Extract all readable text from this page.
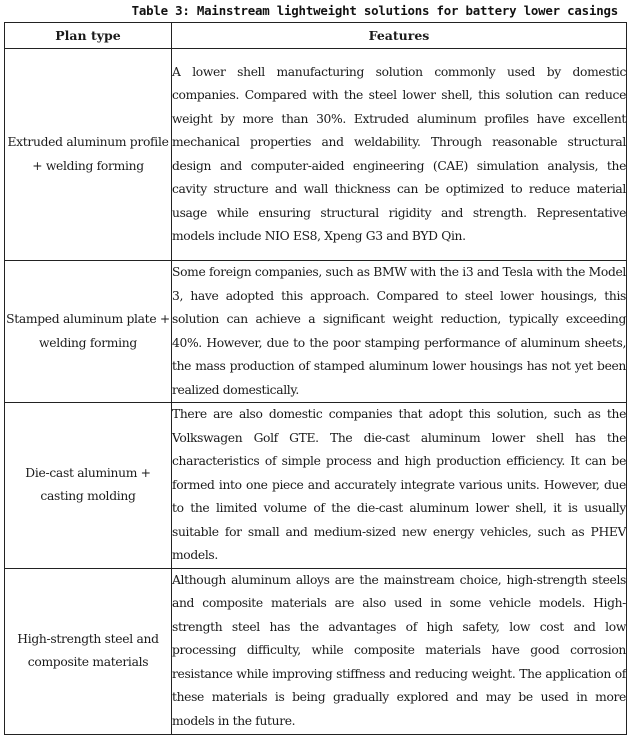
Table 3: Mainstream lightweight solutions for battery lower casings
Plan type	Features
Extruded aluminum profile + welding forming	A lower shell manufacturing solution commonly used by domestic companies. Compared with the steel lower shell, this solution can reduce weight by more than 30%. Extruded aluminum profiles have excellent mechanical properties and weldability. Through reasonable structural design and computer-aided engineering (CAE) simulation analysis, the cavity structure and wall thickness can be optimized to reduce material usage while ensuring structural rigidity and strength. Representative models include NIO ES8, Xpeng G3 and BYD Qin.
Stamped aluminum plate + welding forming	Some foreign companies, such as BMW with the i3 and Tesla with the Model 3, have adopted this approach. Compared to steel lower housings, this solution can achieve a significant weight reduction, typically exceeding 40%. However, due to the poor stamping performance of aluminum sheets, the mass production of stamped aluminum lower housings has not yet been realized domestically.
Die-cast aluminum + casting molding	There are also domestic companies that adopt this solution, such as the Volkswagen Golf GTE. The die-cast aluminum lower shell has the characteristics of simple process and high production efficiency. It can be formed into one piece and accurately integrate various units. However, due to the limited volume of the die-cast aluminum lower shell, it is usually suitable for small and medium-sized new energy vehicles, such as PHEV models.
High-strength steel and composite materials	Although aluminum alloys are the mainstream choice, high-strength steels and composite materials are also used in some vehicle models. High-strength steel has the advantages of high safety, low cost and low processing difficulty, while composite materials have good corrosion resistance while improving stiffness and reducing weight. The application of these materials is being gradually explored and may be used in more models in the future.
